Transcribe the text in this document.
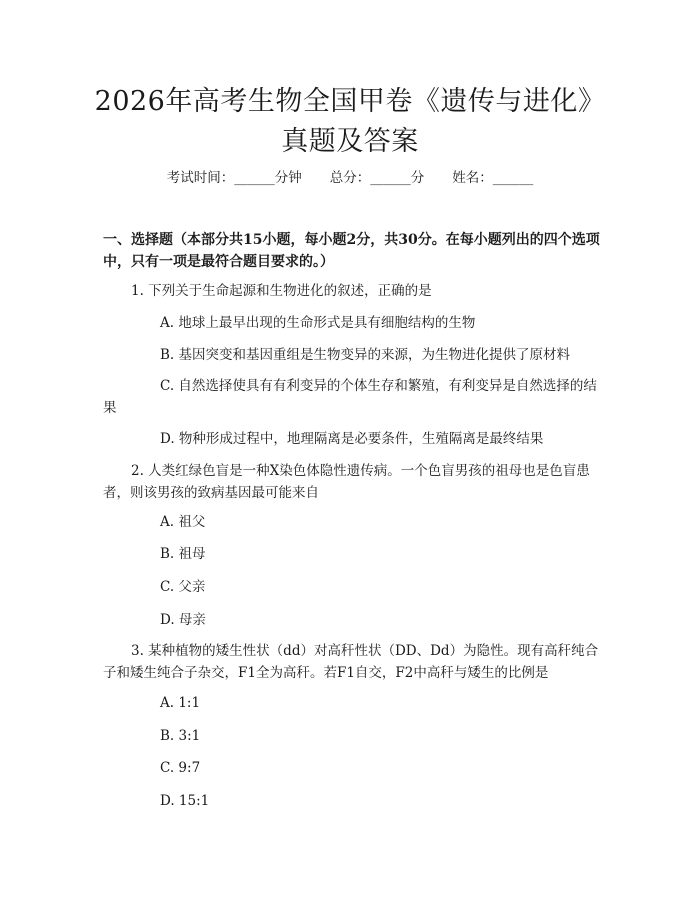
2026年高考生物全国甲卷《遗传与进化》真题及答案
考试时间：______分钟 总分：______分 姓名：______
一、选择题（本部分共15小题，每小题2分，共30分。在每小题列出的四个选项中，只有一项是最符合题目要求的。）
1. 下列关于生命起源和生物进化的叙述，正确的是
A. 地球上最早出现的生命形式是具有细胞结构的生物
B. 基因突变和基因重组是生物变异的来源，为生物进化提供了原材料
C. 自然选择使具有有利变异的个体生存和繁殖，有利变异是自然选择的结果
D. 物种形成过程中，地理隔离是必要条件，生殖隔离是最终结果
2. 人类红绿色盲是一种X染色体隐性遗传病。一个色盲男孩的祖母也是色盲患者，则该男孩的致病基因最可能来自
A. 祖父
B. 祖母
C. 父亲
D. 母亲
3. 某种植物的矮生性状（dd）对高秆性状（DD、Dd）为隐性。现有高秆纯合子和矮生纯合子杂交，F1全为高秆。若F1自交，F2中高秆与矮生的比例是
A. 1:1
B. 3:1
C. 9:7
D. 15:1
